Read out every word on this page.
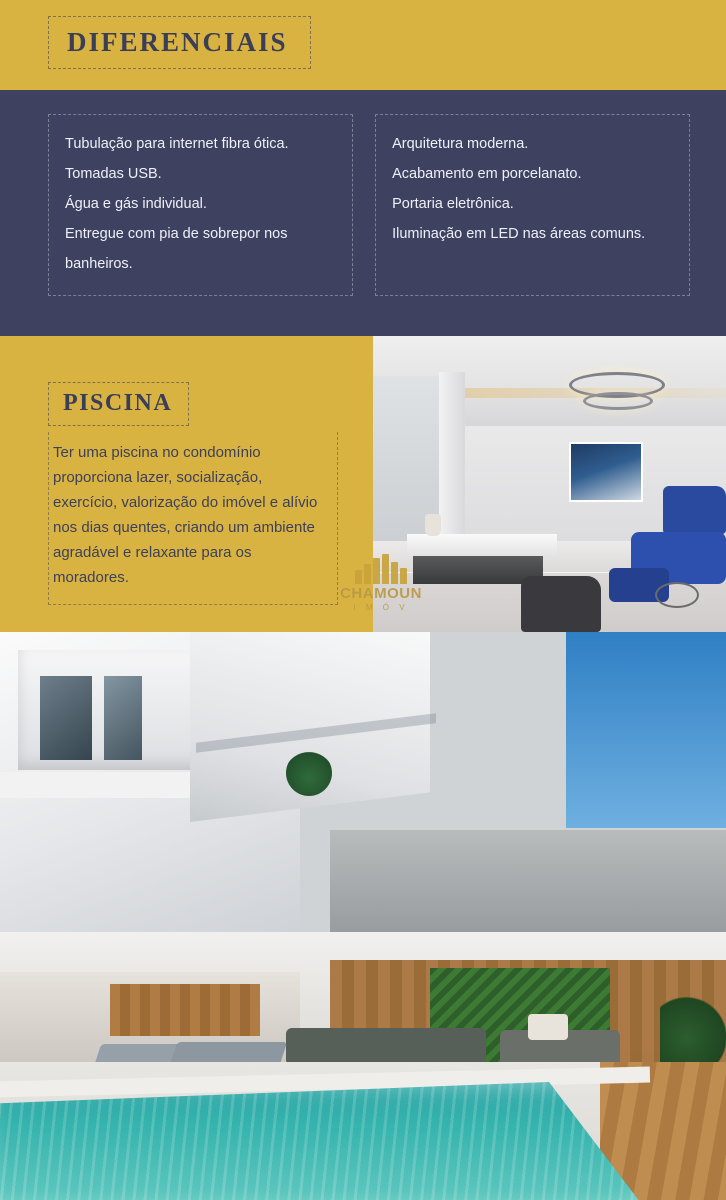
DIFERENCIAIS
Tubulação para internet fibra ótica.
Tomadas USB.
Água e gás individual.
Entregue com pia de sobrepor nos banheiros.
Arquitetura moderna.
Acabamento em porcelanato.
Portaria eletrônica.
Iluminação em LED nas áreas comuns.
PISCINA

Ter uma piscina no condomínio proporciona lazer, socialização, exercício, valorização do imóvel e alívio nos dias quentes, criando um ambiente agradável e relaxante para os moradores.

CHAMOUN
I M Ó V
